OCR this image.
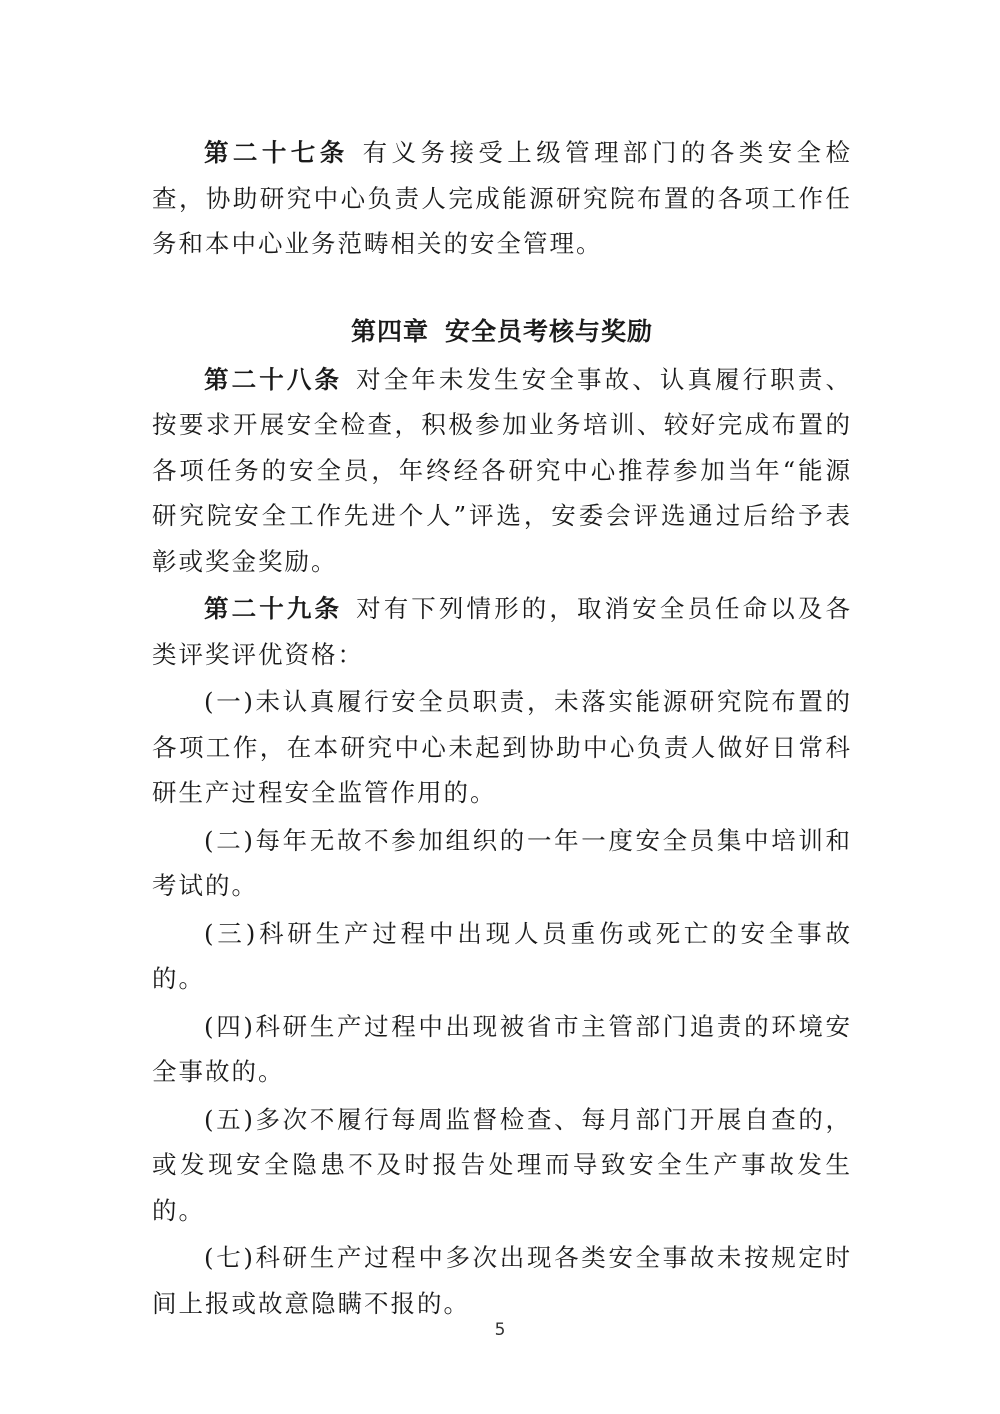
第二十七条 有义务接受上级管理部门的各类安全检查，协助研究中心负责人完成能源研究院布置的各项工作任务和本中心业务范畴相关的安全管理。

第四章 安全员考核与奖励

第二十八条 对全年未发生安全事故、认真履行职责、按要求开展安全检查，积极参加业务培训、较好完成布置的各项任务的安全员，年终经各研究中心推荐参加当年“能源研究院安全工作先进个人”评选，安委会评选通过后给予表彰或奖金奖励。

第二十九条 对有下列情形的，取消安全员任命以及各类评奖评优资格：

(一)未认真履行安全员职责，未落实能源研究院布置的各项工作，在本研究中心未起到协助中心负责人做好日常科研生产过程安全监管作用的。

(二)每年无故不参加组织的一年一度安全员集中培训和考试的。

(三)科研生产过程中出现人员重伤或死亡的安全事故的。

(四)科研生产过程中出现被省市主管部门追责的环境安全事故的。

(五)多次不履行每周监督检查、每月部门开展自查的，或发现安全隐患不及时报告处理而导致安全生产事故发生的。

(七)科研生产过程中多次出现各类安全事故未按规定时间上报或故意隐瞒不报的。

5
